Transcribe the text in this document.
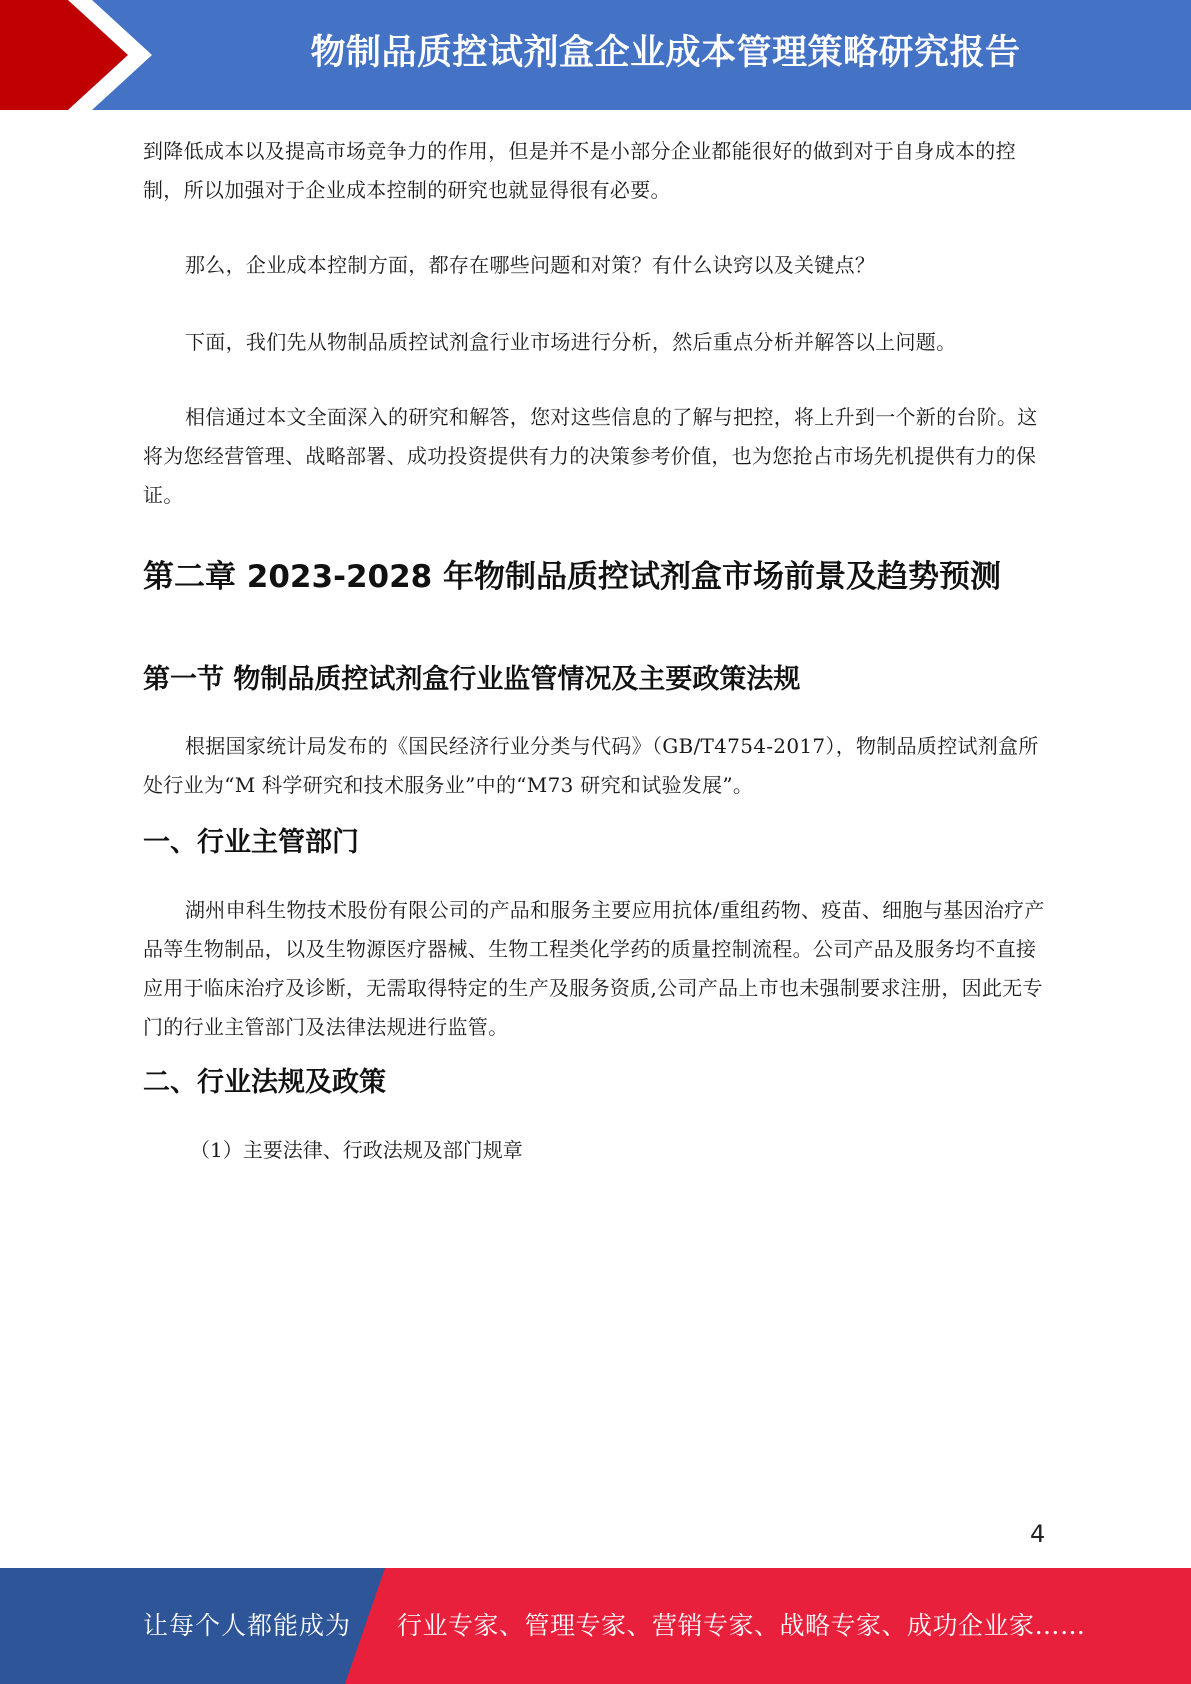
物制品质控试剂盒企业成本管理策略研究报告

到降低成本以及提高市场竞争力的作用，但是并不是小部分企业都能很好的做到对于自身成本的控制，所以加强对于企业成本控制的研究也就显得很有必要。

那么，企业成本控制方面，都存在哪些问题和对策？有什么诀窍以及关键点？

下面，我们先从物制品质控试剂盒行业市场进行分析，然后重点分析并解答以上问题。

相信通过本文全面深入的研究和解答，您对这些信息的了解与把控，将上升到一个新的台阶。这将为您经营管理、战略部署、成功投资提供有力的决策参考价值，也为您抢占市场先机提供有力的保证。

第二章 2023-2028 年物制品质控试剂盒市场前景及趋势预测
第一节 物制品质控试剂盒行业监管情况及主要政策法规

根据国家统计局发布的《国民经济行业分类与代码》（GB/T4754-2017），物制品质控试剂盒所处行业为“M 科学研究和技术服务业”中的“M73 研究和试验发展”。

一、行业主管部门

湖州申科生物技术股份有限公司的产品和服务主要应用抗体/重组药物、疫苗、细胞与基因治疗产品等生物制品，以及生物源医疗器械、生物工程类化学药的质量控制流程。公司产品及服务均不直接应用于临床治疗及诊断，无需取得特定的生产及服务资质,公司产品上市也未强制要求注册，因此无专门的行业主管部门及法律法规进行监管。

二、行业法规及政策

（1）主要法律、行政法规及部门规章

4
让每个人都能成为 行业专家、管理专家、营销专家、战略专家、成功企业家……
